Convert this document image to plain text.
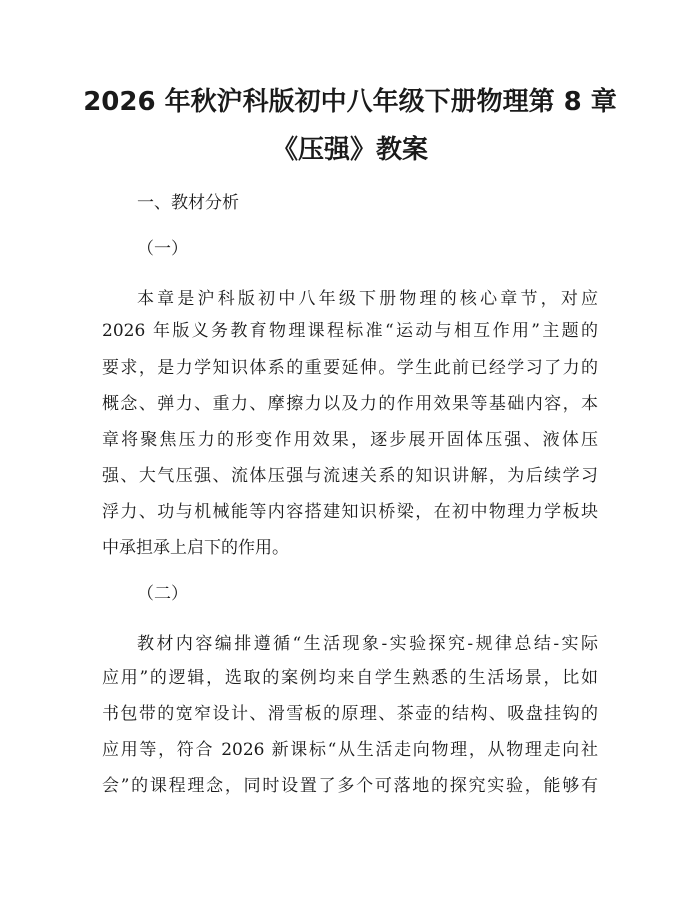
2026 年秋沪科版初中八年级下册物理第 8 章
《压强》教案
一、教材分析
（一）
本章是沪科版初中八年级下册物理的核心章节，对应
2026 年版义务教育物理课程标准“运动与相互作用”主题的
要求，是力学知识体系的重要延伸。学生此前已经学习了力的
概念、弹力、重力、摩擦力以及力的作用效果等基础内容，本
章将聚焦压力的形变作用效果，逐步展开固体压强、液体压
强、大气压强、流体压强与流速关系的知识讲解，为后续学习
浮力、功与机械能等内容搭建知识桥梁，在初中物理力学板块
中承担承上启下的作用。
（二）
教材内容编排遵循“生活现象-实验探究-规律总结-实际
应用”的逻辑，选取的案例均来自学生熟悉的生活场景，比如
书包带的宽窄设计、滑雪板的原理、茶壶的结构、吸盘挂钩的
应用等，符合 2026 新课标“从生活走向物理，从物理走向社
会”的课程理念，同时设置了多个可落地的探究实验，能够有
